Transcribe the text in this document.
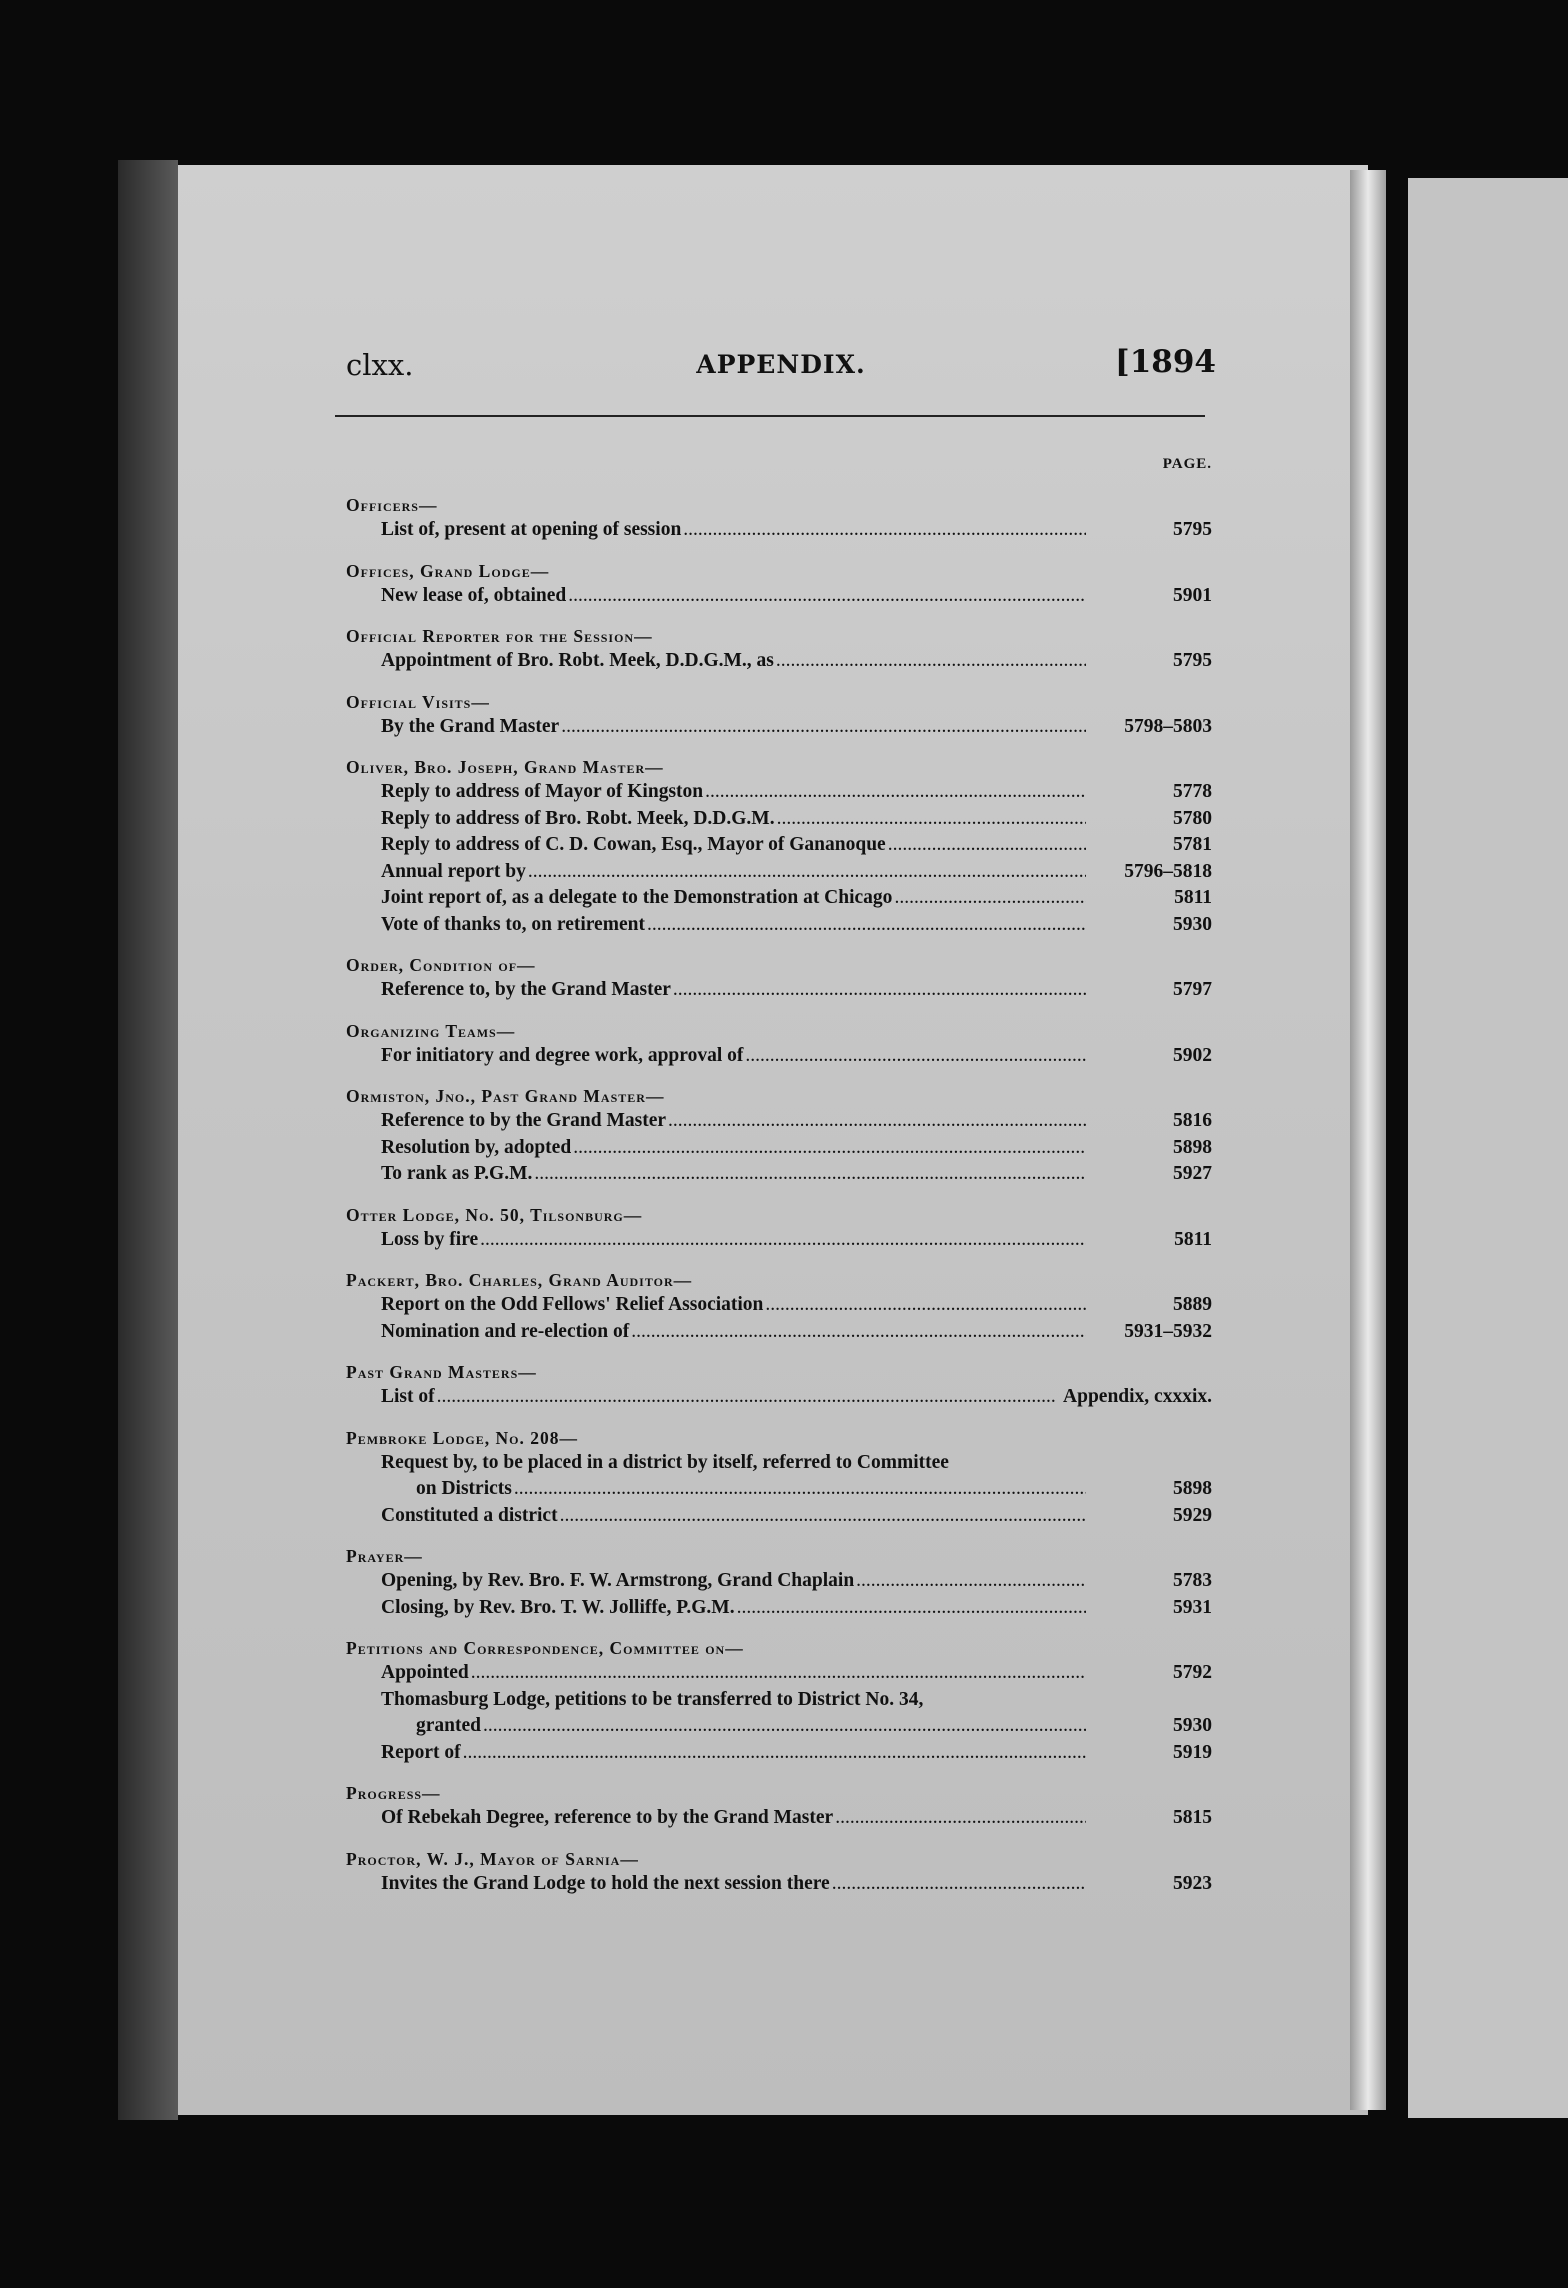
clxx.	APPENDIX.	[1894
PAGE.
Officers—
List of, present at opening of session .....	5795
Offices, Grand Lodge—
New lease of, obtained .....	5901
Official Reporter for the Session—
Appointment of Bro. Robt. Meek, D.D.G.M., as .....	5795
Official Visits—
By the Grand Master .....	5798–5803
Oliver, Bro. Joseph, Grand Master—
Reply to address of Mayor of Kingston .....	5778
Reply to address of Bro. Robt. Meek, D.D.G.M. .....	5780
Reply to address of C. D. Cowan, Esq., Mayor of Gananoque .....	5781
Annual report by .....	5796–5818
Joint report of, as a delegate to the Demonstration at Chicago .....	5811
Vote of thanks to, on retirement .....	5930
Order, Condition of—
Reference to, by the Grand Master .....	5797
Organizing Teams—
For initiatory and degree work, approval of .....	5902
Ormiston, Jno., Past Grand Master—
Reference to by the Grand Master .....	5816
Resolution by, adopted .....	5898
To rank as P.G.M. .....	5927
Otter Lodge, No. 50, Tilsonburg—
Loss by fire .....	5811
Packert, Bro. Charles, Grand Auditor—
Report on the Odd Fellows' Relief Association .....	5889
Nomination and re-election of .....	5931–5932
Past Grand Masters—
List of .....	Appendix, cxxxix.
Pembroke Lodge, No. 208—
Request by, to be placed in a district by itself, referred to Committee
on Districts .....	5898
Constituted a district .....	5929
Prayer—
Opening, by Rev. Bro. F. W. Armstrong, Grand Chaplain .....	5783
Closing, by Rev. Bro. T. W. Jolliffe, P.G.M. .....	5931
Petitions and Correspondence, Committee on—
Appointed .....	5792
Thomasburg Lodge, petitions to be transferred to District No. 34,
granted .....	5930
Report of .....	5919
Progress—
Of Rebekah Degree, reference to by the Grand Master .....	5815
Proctor, W. J., Mayor of Sarnia—
Invites the Grand Lodge to hold the next session there .....	5923
